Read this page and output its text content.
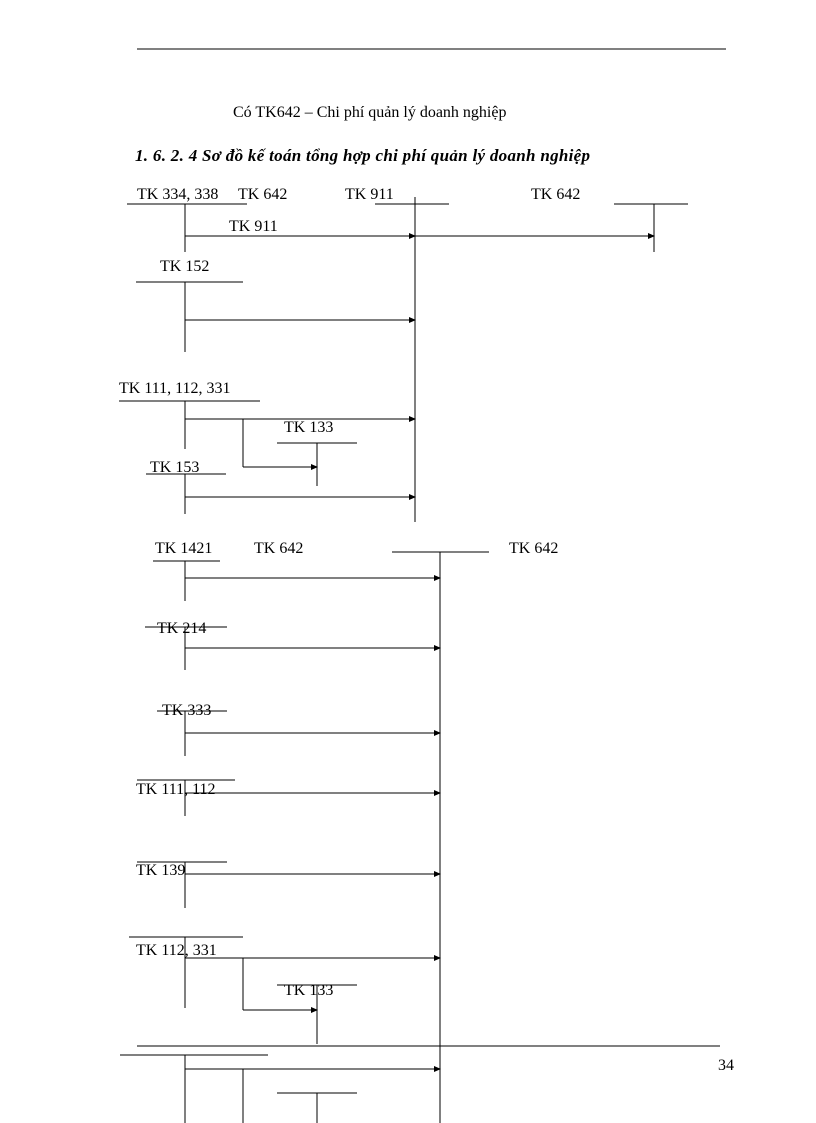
Có TK642 – Chi phí quản lý doanh nghiệp
1. 6. 2. 4 Sơ đồ kế toán tổng hợp chi phí quản lý doanh nghiệp
TK 334, 338 TK 642	TK 911	TK 642
TK 911
TK 152
TK 111, 112, 331
TK 133
TK 153
TK 1421	TK 642	TK 642
TK 214
TK 333
TK 111, 112
TK 139
TK 112, 331
TK 133
34
